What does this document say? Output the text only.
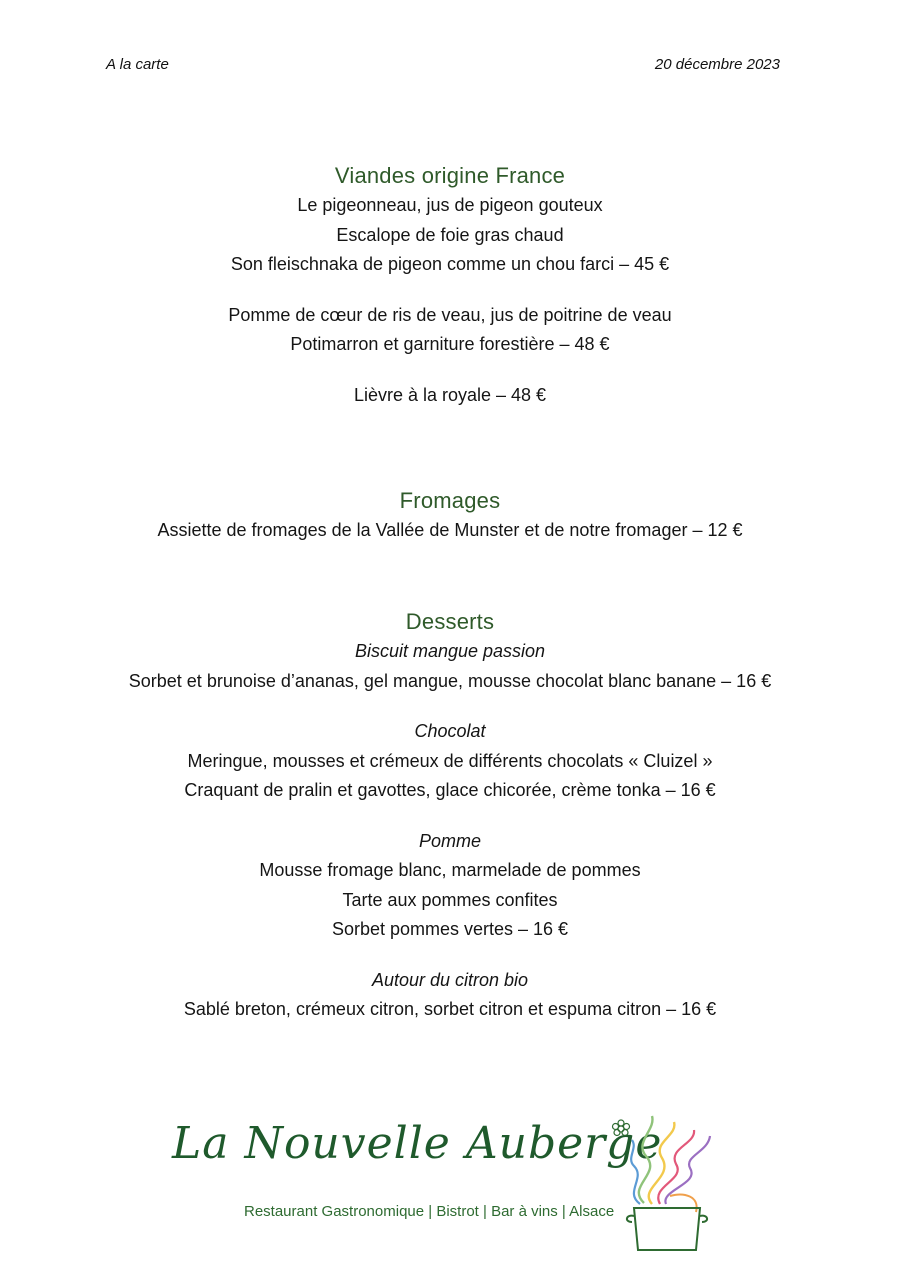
A la carte	20 décembre 2023
Viandes origine France
Le pigeonneau, jus de pigeon gouteux
Escalope de foie gras chaud
Son fleischnaka de pigeon comme un chou farci – 45 €
Pomme de cœur de ris de veau, jus de poitrine de veau
Potimarron et garniture forestière – 48 €
Lièvre à la royale – 48 €
Fromages
Assiette de fromages de la Vallée de Munster et de notre fromager – 12 €
Desserts
Biscuit mangue passion
Sorbet et brunoise d’ananas, gel mangue, mousse chocolat blanc banane – 16 €
Chocolat
Meringue, mousses et crémeux de différents chocolats « Cluizel »
Craquant de pralin et gavottes, glace chicorée, crème tonka – 16 €
Pomme
Mousse fromage blanc, marmelade de pommes
Tarte aux pommes confites
Sorbet pommes vertes – 16 €
Autour du citron bio
Sablé breton, crémeux citron, sorbet citron et espuma citron – 16 €
La Nouvelle Auberge
Restaurant Gastronomique | Bistrot | Bar à vins | Alsace
